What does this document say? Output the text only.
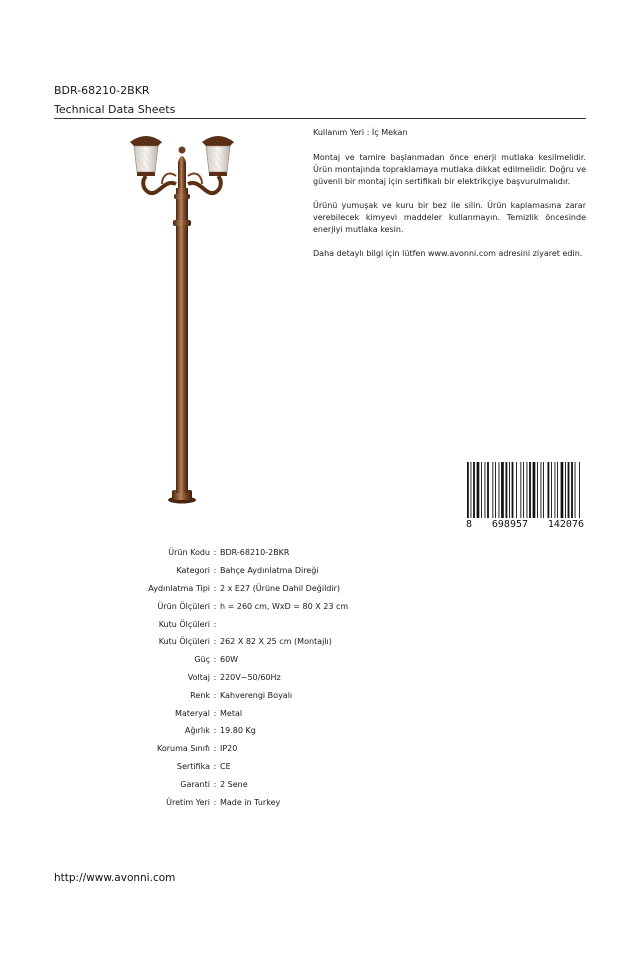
BDR-68210-2BKR
Technical Data Sheets

Kullanım Yeri : İç Mekan

Montaj ve tamire başlanmadan önce enerji mutlaka kesilmelidir. Ürün montajında topraklamaya mutlaka dikkat edilmelidir. Doğru ve güvenli bir montaj için sertifikalı bir elektrikçiye başvurulmalıdır.

Ürünü yumuşak ve kuru bir bez ile silin. Ürün kaplamasına zarar verebilecek kimyevi maddeler kullanmayın. Temizlik öncesinde enerjiyi mutlaka kesin.

Daha detaylı bilgi için lütfen www.avonni.com adresini ziyaret edin.

8 698957 142076
Ürün Kodu : BDR-68210-2BKR
Kategori : Bahçe Aydınlatma Direği
Aydınlatma Tipi : 2 x E27 (Ürüne Dahil Değildir)
Ürün Ölçüleri : h = 260 cm, WxD = 80 X 23 cm
Kutu Ölçüleri :
Kutu Ölçüleri : 262 X 82 X 25 cm (Montajlı)
Güç : 60W
Voltaj : 220V~50/60Hz
Renk : Kahverengi Boyalı
Materyal : Metal
Ağırlık : 19.80 Kg
Koruma Sınıfı : IP20
Sertifika : CE
Garanti : 2 Sene
Üretim Yeri : Made in Turkey
http://www.avonni.com
